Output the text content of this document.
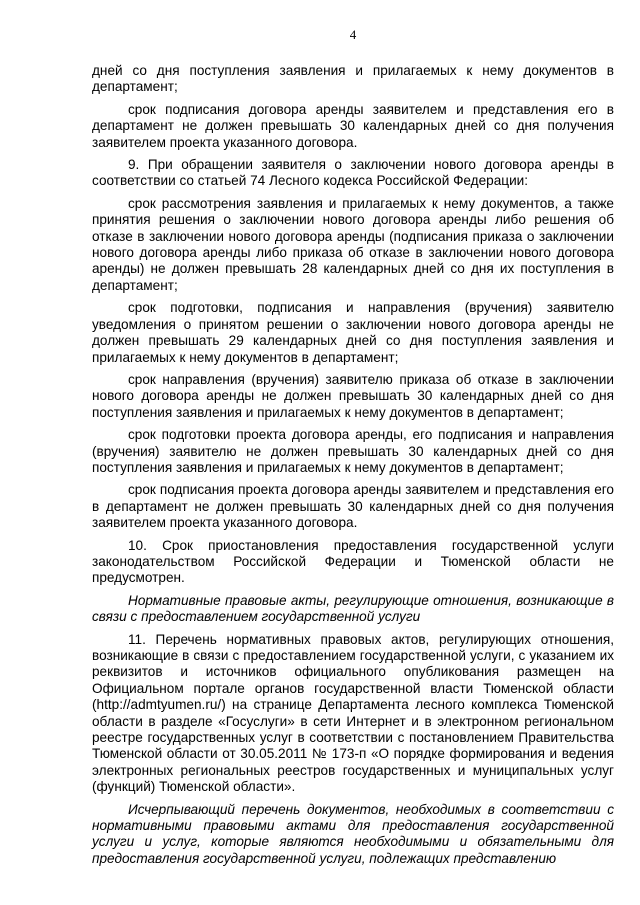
4

дней со дня поступления заявления и прилагаемых к нему документов в департамент;

срок подписания договора аренды заявителем и представления его в департамент не должен превышать 30 календарных дней со дня получения заявителем проекта указанного договора.

9. При обращении заявителя о заключении нового договора аренды в соответствии со статьей 74 Лесного кодекса Российской Федерации:

срок рассмотрения заявления и прилагаемых к нему документов, а также принятия решения о заключении нового договора аренды либо решения об отказе в заключении нового договора аренды (подписания приказа о заключении нового договора аренды либо приказа об отказе в заключении нового договора аренды) не должен превышать 28 календарных дней со дня их поступления в департамент;

срок подготовки, подписания и направления (вручения) заявителю уведомления о принятом решении о заключении нового договора аренды не должен превышать 29 календарных дней со дня поступления заявления и прилагаемых к нему документов в департамент;

срок направления (вручения) заявителю приказа об отказе в заключении нового договора аренды не должен превышать 30 календарных дней со дня поступления заявления и прилагаемых к нему документов в департамент;

срок подготовки проекта договора аренды, его подписания и направления (вручения) заявителю не должен превышать 30 календарных дней со дня поступления заявления и прилагаемых к нему документов в департамент;

срок подписания проекта договора аренды заявителем и представления его в департамент не должен превышать 30 календарных дней со дня получения заявителем проекта указанного договора.

10. Срок приостановления предоставления государственной услуги законодательством Российской Федерации и Тюменской области не предусмотрен.

Нормативные правовые акты, регулирующие отношения, возникающие в связи с предоставлением государственной услуги

11. Перечень нормативных правовых актов, регулирующих отношения, возникающие в связи с предоставлением государственной услуги, с указанием их реквизитов и источников официального опубликования размещен на Официальном портале органов государственной власти Тюменской области (http://admtyumen.ru/) на странице Департамента лесного комплекса Тюменской области в разделе «Госуслуги» в сети Интернет и в электронном региональном реестре государственных услуг в соответствии с постановлением Правительства Тюменской области от 30.05.2011 № 173-п «О порядке формирования и ведения электронных региональных реестров государственных и муниципальных услуг (функций) Тюменской области».

Исчерпывающий перечень документов, необходимых в соответствии с нормативными правовыми актами для предоставления государственной услуги и услуг, которые являются необходимыми и обязательными для предоставления государственной услуги, подлежащих представлению
